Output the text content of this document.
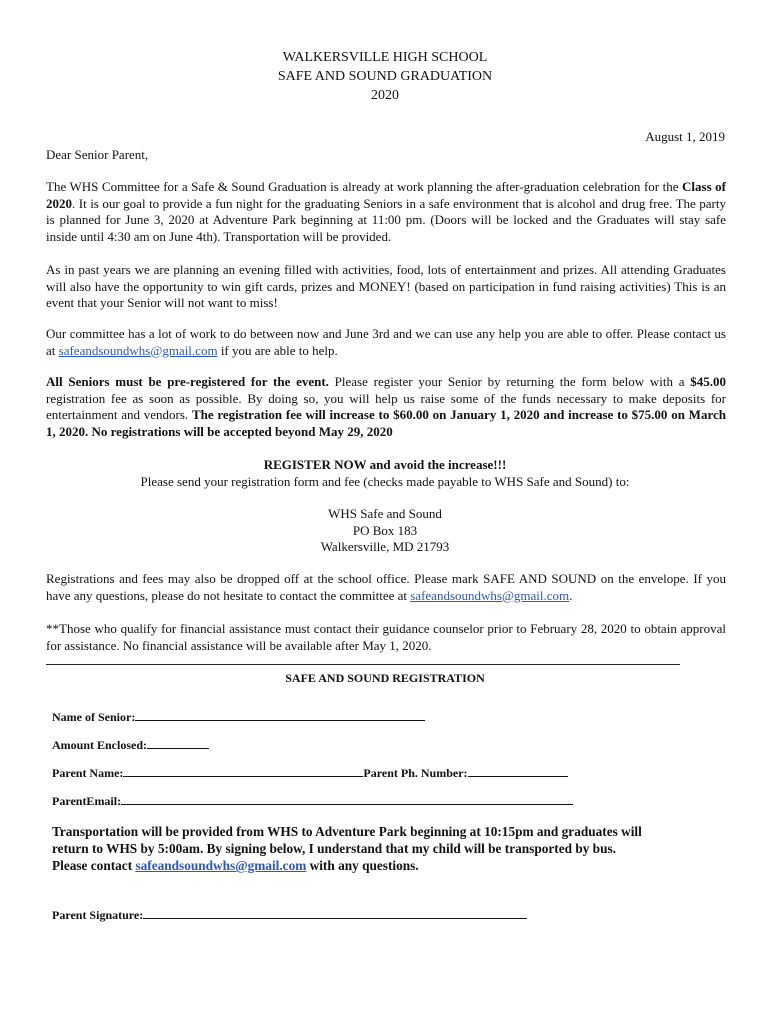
WALKERSVILLE HIGH SCHOOL
SAFE AND SOUND GRADUATION
2020
August 1, 2019
Dear Senior Parent,

The WHS Committee for a Safe & Sound Graduation is already at work planning the after-graduation celebration for the Class of 2020. It is our goal to provide a fun night for the graduating Seniors in a safe environment that is alcohol and drug free. The party is planned for June 3, 2020 at Adventure Park beginning at 11:00 pm. (Doors will be locked and the Graduates will stay safe inside until 4:30 am on June 4th). Transportation will be provided.

As in past years we are planning an evening filled with activities, food, lots of entertainment and prizes. All attending Graduates will also have the opportunity to win gift cards, prizes and MONEY! (based on participation in fund raising activities) This is an event that your Senior will not want to miss!

Our committee has a lot of work to do between now and June 3rd and we can use any help you are able to offer. Please contact us at safeandsoundwhs@gmail.com if you are able to help.

All Seniors must be pre-registered for the event. Please register your Senior by returning the form below with a $45.00 registration fee as soon as possible. By doing so, you will help us raise some of the funds necessary to make deposits for entertainment and vendors. The registration fee will increase to $60.00 on January 1, 2020 and increase to $75.00 on March 1, 2020. No registrations will be accepted beyond May 29, 2020

REGISTER NOW and avoid the increase!!!
Please send your registration form and fee (checks made payable to WHS Safe and Sound) to:
WHS Safe and Sound
PO Box 183
Walkersville, MD 21793

Registrations and fees may also be dropped off at the school office. Please mark SAFE AND SOUND on the envelope. If you have any questions, please do not hesitate to contact the committee at safeandsoundwhs@gmail.com.

**Those who qualify for financial assistance must contact their guidance counselor prior to February 28, 2020 to obtain approval for assistance. No financial assistance will be available after May 1, 2020.

SAFE AND SOUND REGISTRATION
Name of Senior:
Amount Enclosed:
Parent Name:	Parent Ph. Number:
ParentEmail:
Transportation will be provided from WHS to Adventure Park beginning at 10:15pm and graduates will return to WHS by 5:00am. By signing below, I understand that my child will be transported by bus. Please contact safeandsoundwhs@gmail.com with any questions.
Parent Signature:
